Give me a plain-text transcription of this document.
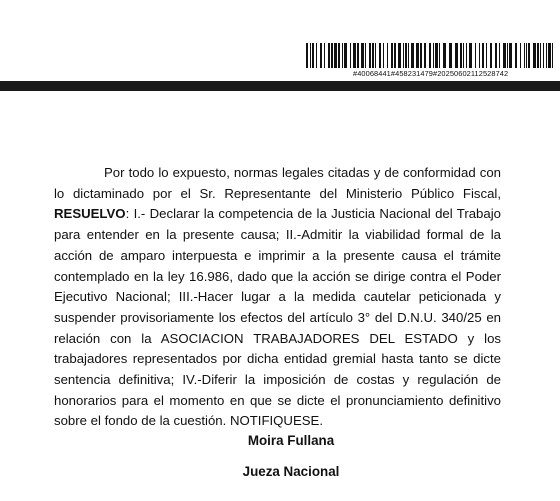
#40068441#458231479#20250602112528742

Por todo lo expuesto, normas legales citadas y de conformidad con lo dictaminado por el Sr. Representante del Ministerio Público Fiscal, RESUELVO: I.- Declarar la competencia de la Justicia Nacional del Trabajo para entender en la presente causa; II.-Admitir la viabilidad formal de la acción de amparo interpuesta e imprimir a la presente causa el trámite contemplado en la ley 16.986, dado que la acción se dirige contra el Poder Ejecutivo Nacional; III.-Hacer lugar a la medida cautelar peticionada y suspender provisoriamente los efectos del artículo 3° del D.N.U. 340/25 en relación con la ASOCIACION TRABAJADORES DEL ESTADO y los trabajadores representados por dicha entidad gremial hasta tanto se dicte sentencia definitiva; IV.-Diferir la imposición de costas y regulación de honorarios para el momento en que se dicte el pronunciamiento definitivo sobre el fondo de la cuestión. NOTIFIQUESE.

Moira Fullana
Jueza Nacional
